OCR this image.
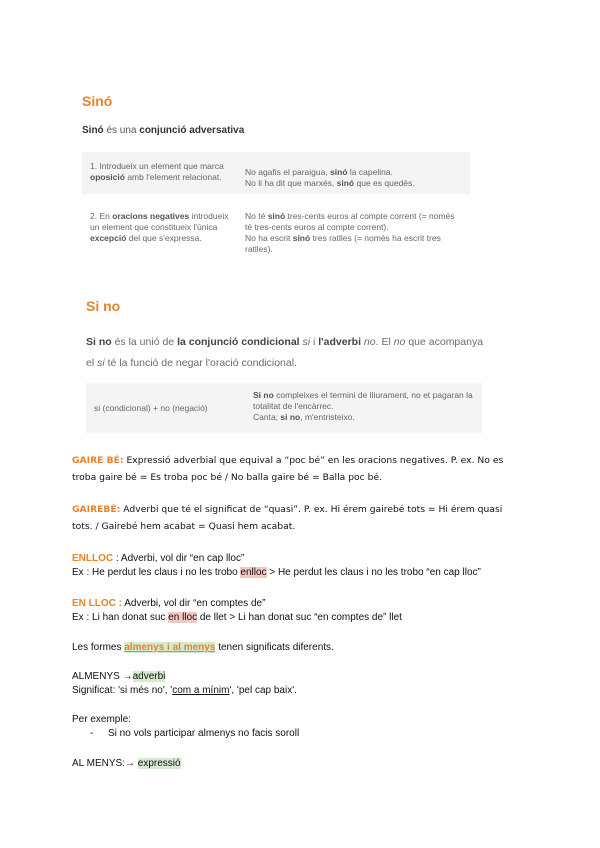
Sinó
Sinó és una conjunció adversativa
1. Introdueix un element que marca oposició amb l'element relacionat.	No agafis el paraigua, sinó la capelina.
No li ha dit que marxés, sinó que es quedés.
2. En oracions negatives introdueix un element que constitueix l'única excepció del que s'expressa.
No té sinó tres-cents euros al compte corrent (= només té tres-cents euros al compte corrent).
No ha escrit sinó tres ratlles (= només ha escrit tres ratlles).
Si no
Si no és la unió de la conjunció condicional si i l'adverbi no. El no que acompanya
el si té la funció de negar l'oració condicional.
si (condicional) + no (negació)
Si no compleixes el termini de lliurament, no et pagaran la totalitat de l'encàrrec.
Canta; si no, m'entristeixo.
GAIRE BÉ: Expressió adverbial que equival a “poc bé” en les oracions negatives. P. ex. No es
troba gaire bé = Es troba poc bé / No balla gaire bé = Balla poc bé.
GAIREBÉ: Adverbi que té el significat de “quasi”. P. ex. Hi érem gairebé tots = Hi érem quasi
tots. / Gairebé hem acabat = Quasi hem acabat.
ENLLOC : Adverbi, vol dir “en cap lloc”
Ex : He perdut les claus i no les trobo enlloc > He perdut les claus i no les trobo “en cap lloc”
EN LLOC : Adverbi, vol dir “en comptes de”
Ex : Li han donat suc en lloc de llet > Li han donat suc “en comptes de” llet
Les formes almenys i al menys tenen significats diferents.
ALMENYS →adverbi
Significat: 'si més no', 'com a mínim', 'pel cap baix'.
Per exemple:
- Si no vols participar almenys no facis soroll
AL MENYS:→ expressió
